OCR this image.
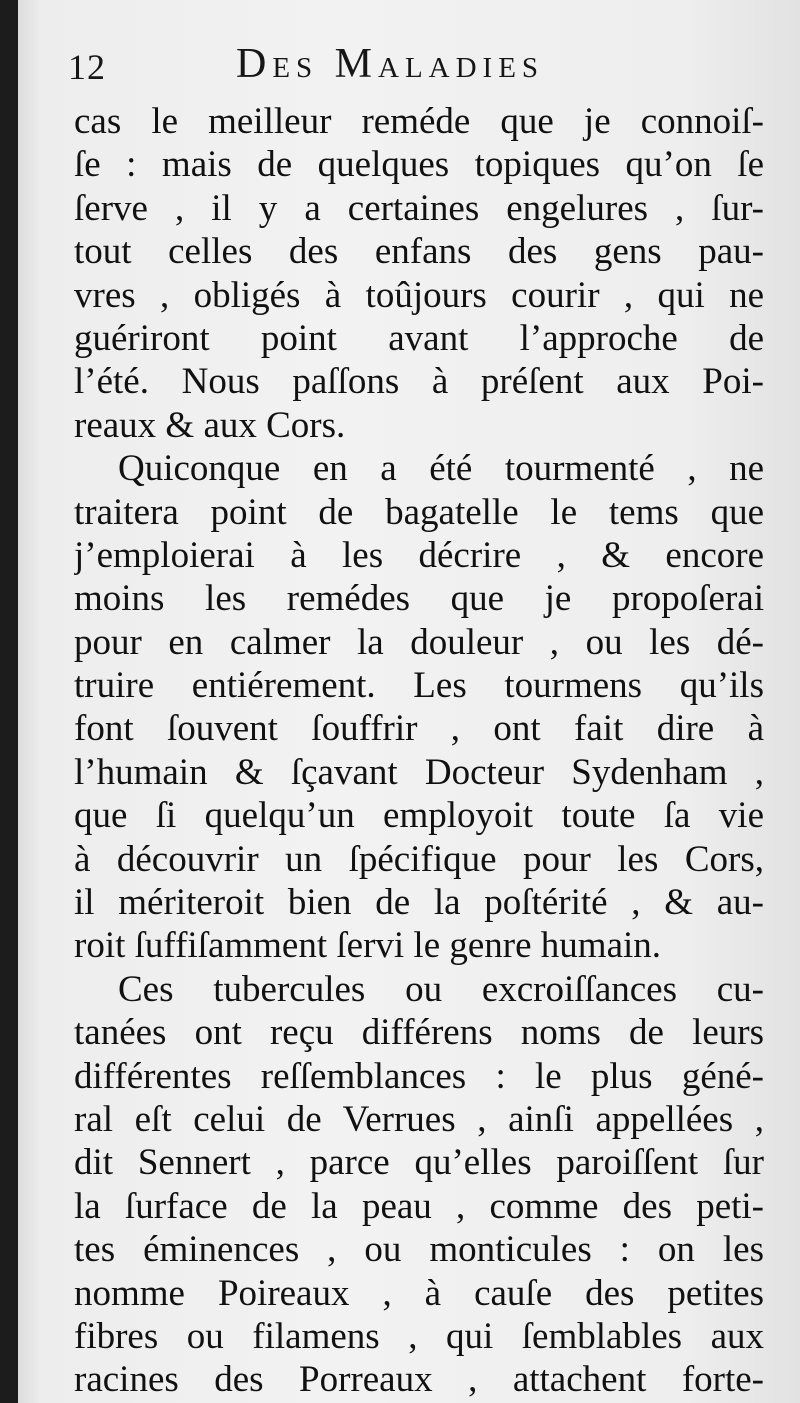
12	Des Maladies
cas le meilleur reméde que je connoiſ-
ſe : mais de quelques topiques qu’on ſe
ſerve , il y a certaines engelures , ſur-
tout celles des enfans des gens pau-
vres , obligés à toûjours courir , qui ne
guériront point avant l’approche de
l’été. Nous paſſons à préſent aux Poi-
reaux & aux Cors.
Quiconque en a été tourmenté , ne
traitera point de bagatelle le tems que
j’emploierai à les décrire , & encore
moins les remédes que je propoſerai
pour en calmer la douleur , ou les dé-
truire entiérement. Les tourmens qu’ils
font ſouvent ſouffrir , ont fait dire à
l’humain & ſçavant Docteur Sydenham ,
que ſi quelqu’un employoit toute ſa vie
à découvrir un ſpécifique pour les Cors,
il mériteroit bien de la poſtérité , & au-
roit ſuffiſamment ſervi le genre humain.
Ces tubercules ou excroiſſances cu-
tanées ont reçu différens noms de leurs
différentes reſſemblances : le plus géné-
ral eſt celui de Verrues , ainſi appellées ,
dit Sennert , parce qu’elles paroiſſent ſur
la ſurface de la peau , comme des peti-
tes éminences , ou monticules : on les
nomme Poireaux , à cauſe des petites
fibres ou filamens , qui ſemblables aux
racines des Porreaux , attachent forte-
